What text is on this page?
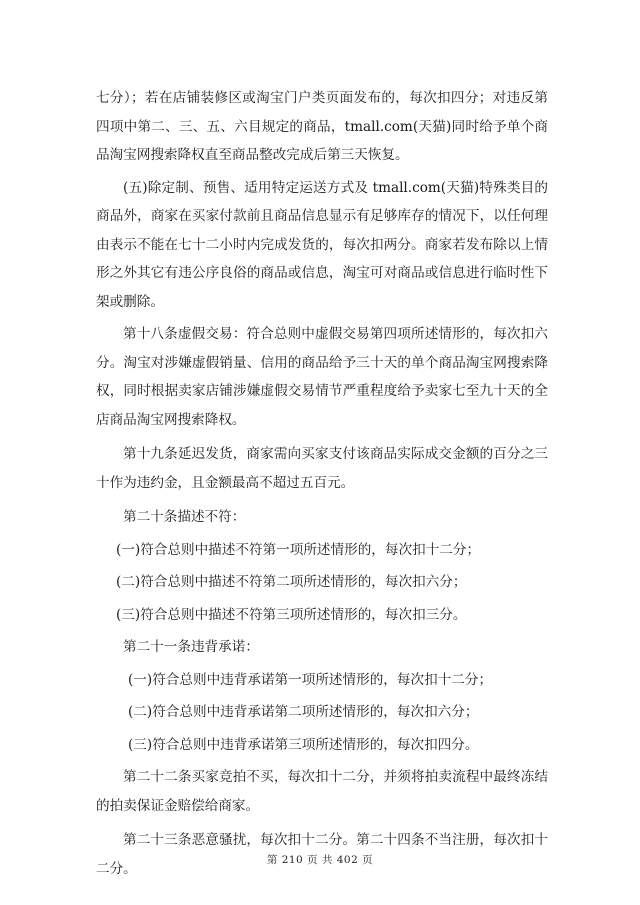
七分）；若在店铺装修区或淘宝门户类页面发布的，每次扣四分；对违反第四项中第二、三、五、六目规定的商品，tmall.com(天猫)同时给予单个商品淘宝网搜索降权直至商品整改完成后第三天恢复。

(五)除定制、预售、适用特定运送方式及 tmall.com(天猫)特殊类目的商品外，商家在买家付款前且商品信息显示有足够库存的情况下，以任何理由表示不能在七十二小时内完成发货的，每次扣两分。商家若发布除以上情形之外其它有违公序良俗的商品或信息，淘宝可对商品或信息进行临时性下架或删除。

第十八条虚假交易：符合总则中虚假交易第四项所述情形的，每次扣六分。淘宝对涉嫌虚假销量、信用的商品给予三十天的单个商品淘宝网搜索降权，同时根据卖家店铺涉嫌虚假交易情节严重程度给予卖家七至九十天的全店商品淘宝网搜索降权。

第十九条延迟发货，商家需向买家支付该商品实际成交金额的百分之三十作为违约金，且金额最高不超过五百元。

第二十条描述不符：

(一)符合总则中描述不符第一项所述情形的，每次扣十二分；

(二)符合总则中描述不符第二项所述情形的，每次扣六分；

(三)符合总则中描述不符第三项所述情形的，每次扣三分。

第二十一条违背承诺：

(一)符合总则中违背承诺第一项所述情形的，每次扣十二分；

(二)符合总则中违背承诺第二项所述情形的，每次扣六分；

(三)符合总则中违背承诺第三项所述情形的，每次扣四分。

第二十二条买家竞拍不买，每次扣十二分，并须将拍卖流程中最终冻结的拍卖保证金赔偿给商家。

第二十三条恶意骚扰，每次扣十二分。第二十四条不当注册，每次扣十二分。

第 210 页 共 402 页
